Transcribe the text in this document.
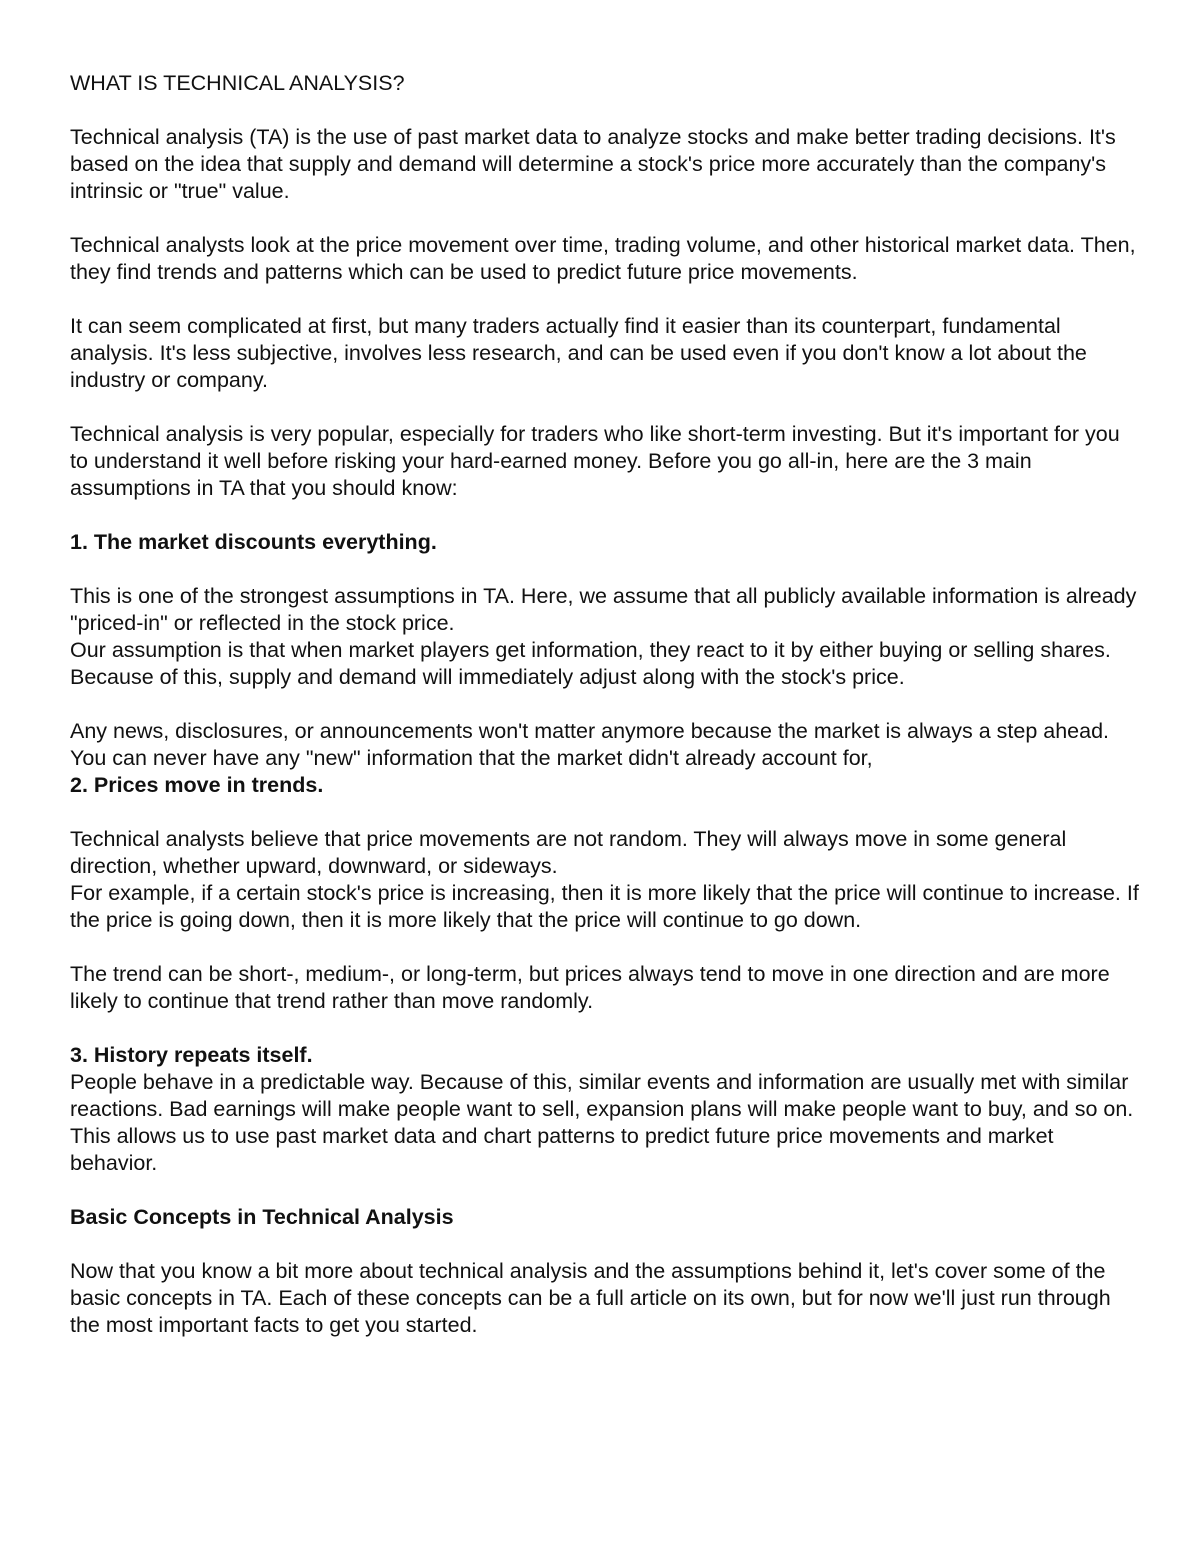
WHAT IS TECHNICAL ANALYSIS?

Technical analysis (TA) is the use of past market data to analyze stocks and make better trading decisions. It's based on the idea that supply and demand will determine a stock's price more accurately than the company's intrinsic or "true" value.

Technical analysts look at the price movement over time, trading volume, and other historical market data. Then, they find trends and patterns which can be used to predict future price movements.

It can seem complicated at first, but many traders actually find it easier than its counterpart, fundamental analysis. It's less subjective, involves less research, and can be used even if you don't know a lot about the industry or company.

Technical analysis is very popular, especially for traders who like short-term investing. But it's important for you to understand it well before risking your hard-earned money. Before you go all-in, here are the 3 main assumptions in TA that you should know:

1. The market discounts everything.

This is one of the strongest assumptions in TA. Here, we assume that all publicly available information is already "priced-in" or reflected in the stock price.

Our assumption is that when market players get information, they react to it by either buying or selling shares. Because of this, supply and demand will immediately adjust along with the stock's price.

Any news, disclosures, or announcements won't matter anymore because the market is always a step ahead. You can never have any "new" information that the market didn't already account for,

2. Prices move in trends.

Technical analysts believe that price movements are not random. They will always move in some general direction, whether upward, downward, or sideways.

For example, if a certain stock's price is increasing, then it is more likely that the price will continue to increase. If the price is going down, then it is more likely that the price will continue to go down.

The trend can be short-, medium-, or long-term, but prices always tend to move in one direction and are more likely to continue that trend rather than move randomly.

3. History repeats itself.

People behave in a predictable way. Because of this, similar events and information are usually met with similar reactions. Bad earnings will make people want to sell, expansion plans will make people want to buy, and so on.

This allows us to use past market data and chart patterns to predict future price movements and market behavior.

Basic Concepts in Technical Analysis

Now that you know a bit more about technical analysis and the assumptions behind it, let's cover some of the basic concepts in TA. Each of these concepts can be a full article on its own, but for now we'll just run through the most important facts to get you started.
